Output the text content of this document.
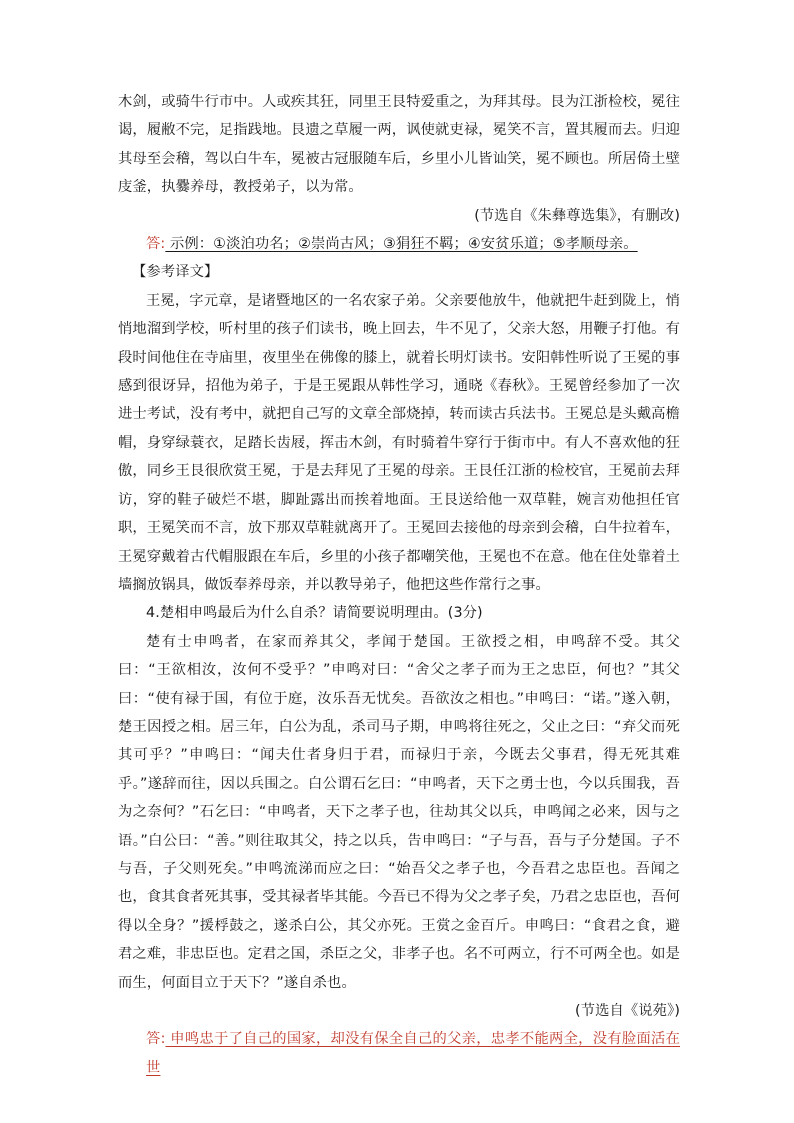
木剑，或骑牛行市中。人或疾其狂，同里王艮特爱重之，为拜其母。艮为江浙检校，冕往谒，履敝不完，足指践地。艮遗之草履一两，讽使就吏禄，冕笑不言，置其履而去。归迎其母至会稽，驾以白牛车，冕被古冠服随车后，乡里小儿皆讪笑，冕不顾也。所居倚土壁庋釜，执爨养母，教授弟子，以为常。

(节选自《朱彝尊选集》，有删改)

答: 示例：①淡泊功名；②崇尚古风；③狷狂不羁；④安贫乐道；⑤孝顺母亲。

【参考译文】

王冕，字元章，是诸暨地区的一名农家子弟。父亲要他放牛，他就把牛赶到陇上，悄悄地溜到学校，听村里的孩子们读书，晚上回去，牛不见了，父亲大怒，用鞭子打他。有段时间他住在寺庙里，夜里坐在佛像的膝上，就着长明灯读书。安阳韩性听说了王冕的事感到很讶异，招他为弟子，于是王冕跟从韩性学习，通晓《春秋》。王冕曾经参加了一次进士考试，没有考中，就把自己写的文章全部烧掉，转而读古兵法书。王冕总是头戴高檐帽，身穿绿蓑衣，足踏长齿屐，挥击木剑，有时骑着牛穿行于街市中。有人不喜欢他的狂傲，同乡王艮很欣赏王冕，于是去拜见了王冕的母亲。王艮任江浙的检校官，王冕前去拜访，穿的鞋子破烂不堪，脚趾露出而挨着地面。王艮送给他一双草鞋，婉言劝他担任官职，王冕笑而不言，放下那双草鞋就离开了。王冕回去接他的母亲到会稽，白牛拉着车，王冕穿戴着古代帽服跟在车后，乡里的小孩子都嘲笑他，王冕也不在意。他在住处靠着土墙搁放锅具，做饭奉养母亲，并以教导弟子，他把这些作常行之事。

4.楚相申鸣最后为什么自杀？请简要说明理由。(3分)

楚有士申鸣者，在家而养其父，孝闻于楚国。王欲授之相，申鸣辞不受。其父曰：“王欲相汝，汝何不受乎？”申鸣对曰：“舍父之孝子而为王之忠臣，何也？”其父曰：“使有禄于国，有位于庭，汝乐吾无忧矣。吾欲汝之相也。”申鸣曰：“诺。”遂入朝，楚王因授之相。居三年，白公为乱，杀司马子期，申鸣将往死之，父止之曰：“弃父而死其可乎？”申鸣曰：“闻夫仕者身归于君，而禄归于亲，今既去父事君，得无死其难乎。”遂辞而往，因以兵围之。白公谓石乞曰：“申鸣者，天下之勇士也，今以兵围我，吾为之奈何？”石乞曰：“申鸣者，天下之孝子也，往劫其父以兵，申鸣闻之必来，因与之语。”白公曰：“善。”则往取其父，持之以兵，告申鸣曰：“子与吾，吾与子分楚国。子不与吾，子父则死矣。”申鸣流涕而应之曰：“始吾父之孝子也，今吾君之忠臣也。吾闻之也，食其食者死其事，受其禄者毕其能。今吾已不得为父之孝子矣，乃君之忠臣也，吾何得以全身？”援桴鼓之，遂杀白公，其父亦死。王赏之金百斤。申鸣曰：“食君之食，避君之难，非忠臣也。定君之国，杀臣之父，非孝子也。名不可两立，行不可两全也。如是而生，何面目立于天下？”遂自杀也。

(节选自《说苑》)

答: 申鸣忠于了自己的国家，却没有保全自己的父亲，忠孝不能两全，没有脸面活在世
